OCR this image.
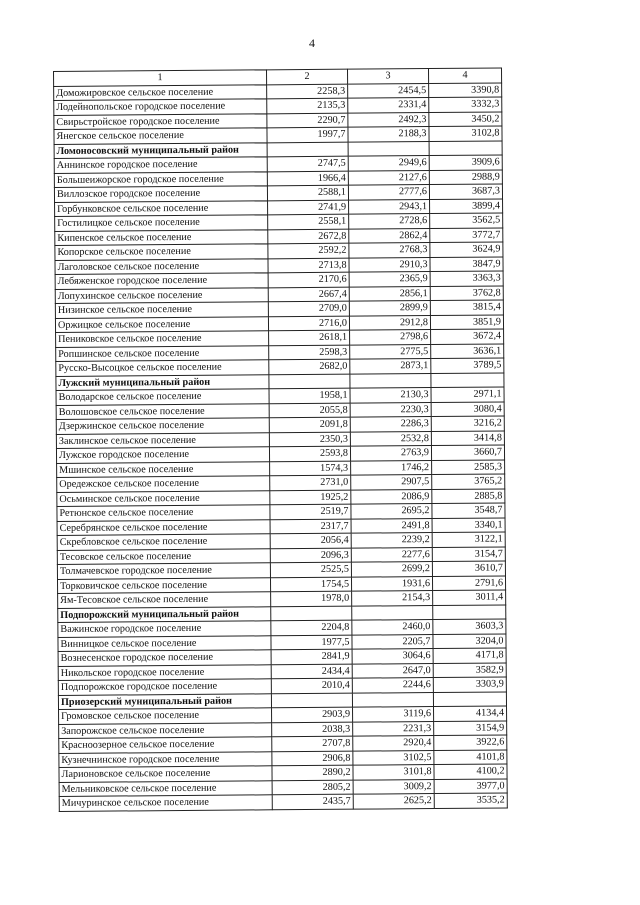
4
1	2	3	4
Доможировское сельское поселение	2258,3	2454,5	3390,8
Лодейнопольское городское поселение	2135,3	2331,4	3332,3
Свирьстройское городское поселение	2290,7	2492,3	3450,2
Янегское сельское поселение	1997,7	2188,3	3102,8
Ломоносовский муниципальный район			
Аннинское городское поселение	2747,5	2949,6	3909,6
Большеижорское городское поселение	1966,4	2127,6	2988,9
Виллозское городское поселение	2588,1	2777,6	3687,3
Горбунковское сельское поселение	2741,9	2943,1	3899,4
Гостилицкое сельское поселение	2558,1	2728,6	3562,5
Кипенское сельское поселение	2672,8	2862,4	3772,7
Копорское сельское поселение	2592,2	2768,3	3624,9
Лаголовское сельское поселение	2713,8	2910,3	3847,9
Лебяженское городское поселение	2170,6	2365,9	3363,3
Лопухинское сельское поселение	2667,4	2856,1	3762,8
Низинское сельское поселение	2709,0	2899,9	3815,4
Оржицкое сельское поселение	2716,0	2912,8	3851,9
Пениковское сельское поселение	2618,1	2798,6	3672,4
Ропшинское сельское поселение	2598,3	2775,5	3636,1
Русско-Высоцкое сельское поселение	2682,0	2873,1	3789,5
Лужский муниципальный район			
Володарское сельское поселение	1958,1	2130,3	2971,1
Волошовское сельское поселение	2055,8	2230,3	3080,4
Дзержинское сельское поселение	2091,8	2286,3	3216,2
Заклинское сельское поселение	2350,3	2532,8	3414,8
Лужское городское поселение	2593,8	2763,9	3660,7
Мшинское сельское поселение	1574,3	1746,2	2585,3
Оредежское сельское поселение	2731,0	2907,5	3765,2
Осьминское сельское поселение	1925,2	2086,9	2885,8
Ретюнское сельское поселение	2519,7	2695,2	3548,7
Серебрянское сельское поселение	2317,7	2491,8	3340,1
Скребловское сельское поселение	2056,4	2239,2	3122,1
Тесовское сельское поселение	2096,3	2277,6	3154,7
Толмачевское городское поселение	2525,5	2699,2	3610,7
Торковичское сельское поселение	1754,5	1931,6	2791,6
Ям-Тесовское сельское поселение	1978,0	2154,3	3011,4
Подпорожский муниципальный район			
Важинское городское поселение	2204,8	2460,0	3603,3
Винницкое сельское поселение	1977,5	2205,7	3204,0
Вознесенское городское поселение	2841,9	3064,6	4171,8
Никольское городское поселение	2434,4	2647,0	3582,9
Подпорожское городское поселение	2010,4	2244,6	3303,9
Приозерский муниципальный район			
Громовское сельское поселение	2903,9	3119,6	4134,4
Запорожское сельское поселение	2038,3	2231,3	3154,9
Красноозерное сельское поселение	2707,8	2920,4	3922,6
Кузнечнинское городское поселение	2906,8	3102,5	4101,8
Ларионовское сельское поселение	2890,2	3101,8	4100,2
Мельниковское сельское поселение	2805,2	3009,2	3977,0
Мичуринское сельское поселение	2435,7	2625,2	3535,2
